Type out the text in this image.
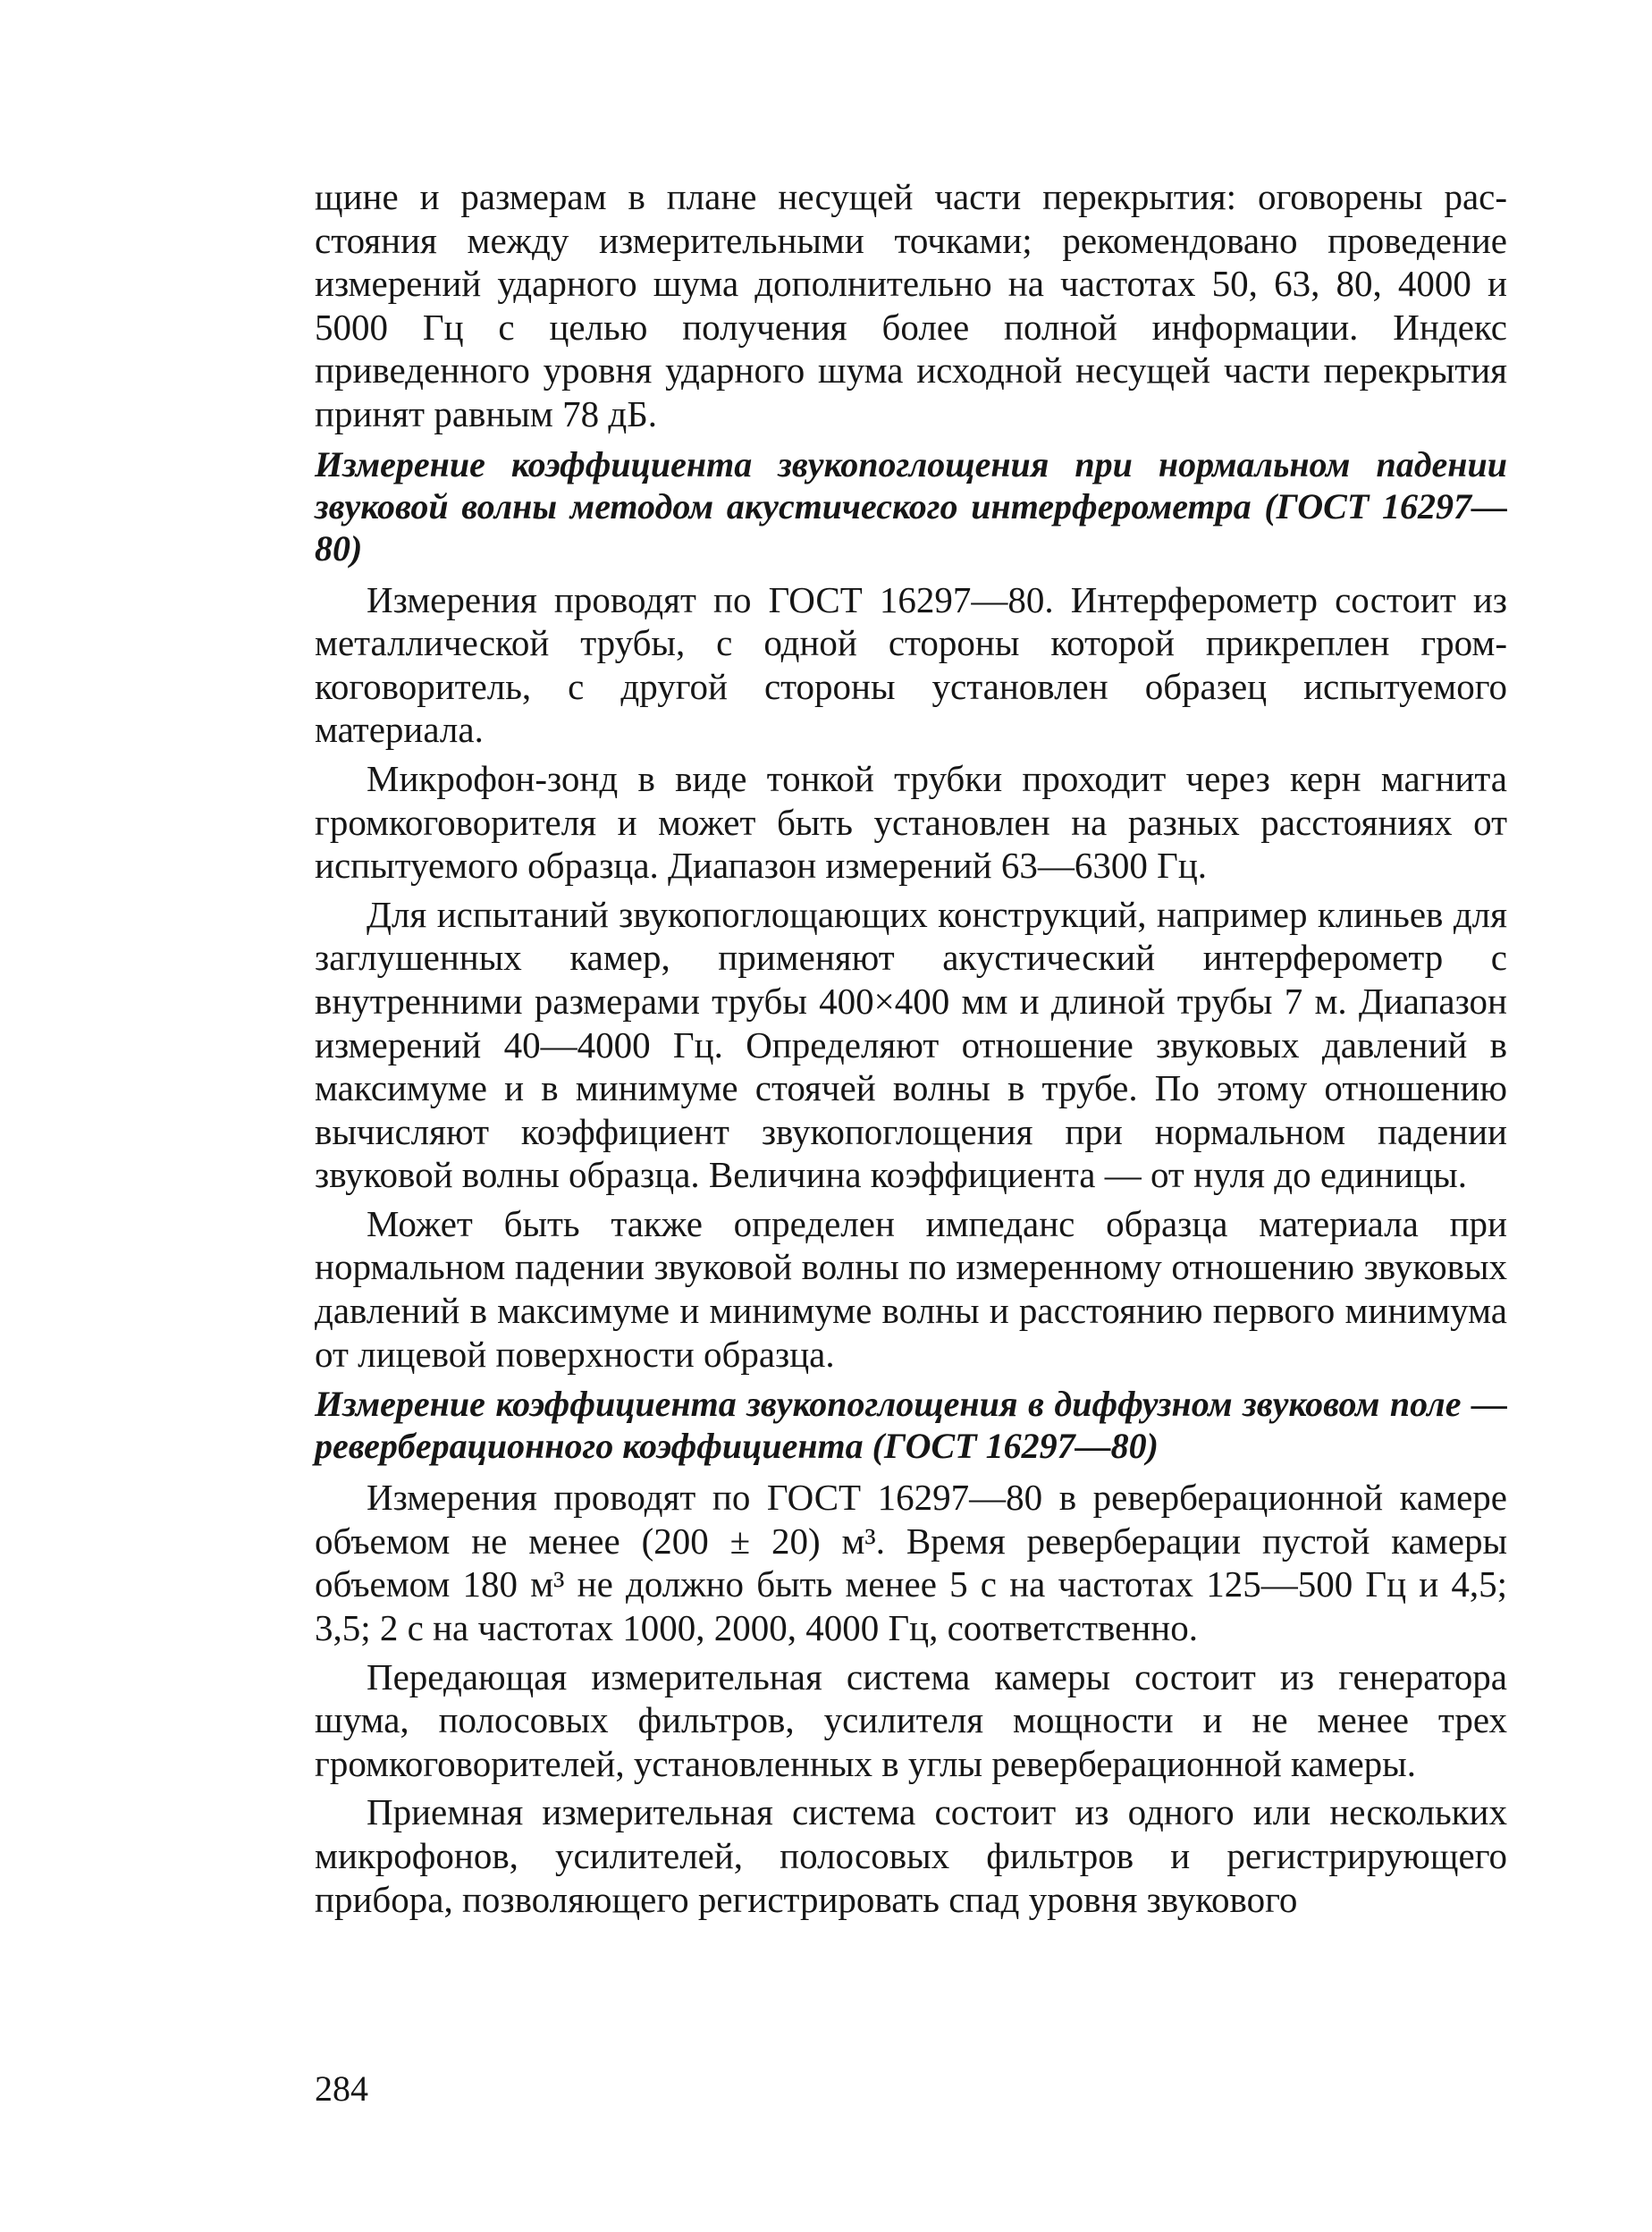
щине и размерам в плане несущей части перекрытия: оговорены расстояния между измерительными точками; рекомендовано проведение измерений ударного шума дополнительно на частотах 50, 63, 80, 4000 и 5000 Гц с целью получения более полной информации. Индекс приведенного уровня ударного шума исходной несущей части перекрытия принят равным 78 дБ.

Измерение коэффициента звукопоглощения при нормальном падении звуковой волны методом акустического интерферометра (ГОСТ 16297—80)

Измерения проводят по ГОСТ 16297—80. Интерферометр состоит из металлической трубы, с одной стороны которой прикреплен громкоговоритель, с другой стороны установлен образец испытуемого материала.

Микрофон-зонд в виде тонкой трубки проходит через керн магнита громкоговорителя и может быть установлен на разных расстояниях от испытуемого образца. Диапазон измерений 63—6300 Гц.

Для испытаний звукопоглощающих конструкций, например клиньев для заглушенных камер, применяют акустический интерферометр с внутренними размерами трубы 400×400 мм и длиной трубы 7 м. Диапазон измерений 40—4000 Гц. Определяют отношение звуковых давлений в максимуме и в минимуме стоячей волны в трубе. По этому отношению вычисляют коэффициент звукопоглощения при нормальном падении звуковой волны образца. Величина коэффициента — от нуля до единицы.

Может быть также определен импеданс образца материала при нормальном падении звуковой волны по измеренному отношению звуковых давлений в максимуме и минимуме волны и расстоянию первого минимума от лицевой поверхности образца.

Измерение коэффициента звукопоглощения в диффузном звуковом поле — реверберационного коэффициента (ГОСТ 16297—80)

Измерения проводят по ГОСТ 16297—80 в реверберационной камере объемом не менее (200 ± 20) м³. Время реверберации пустой камеры объемом 180 м³ не должно быть менее 5 с на частотах 125—500 Гц и 4,5; 3,5; 2 с на частотах 1000, 2000, 4000 Гц, соответственно.

Передающая измерительная система камеры состоит из генератора шума, полосовых фильтров, усилителя мощности и не менее трех громкоговорителей, установленных в углы реверберационной камеры.

Приемная измерительная система состоит из одного или нескольких микрофонов, усилителей, полосовых фильтров и регистрирующего прибора, позволяющего регистрировать спад уровня звукового

284
